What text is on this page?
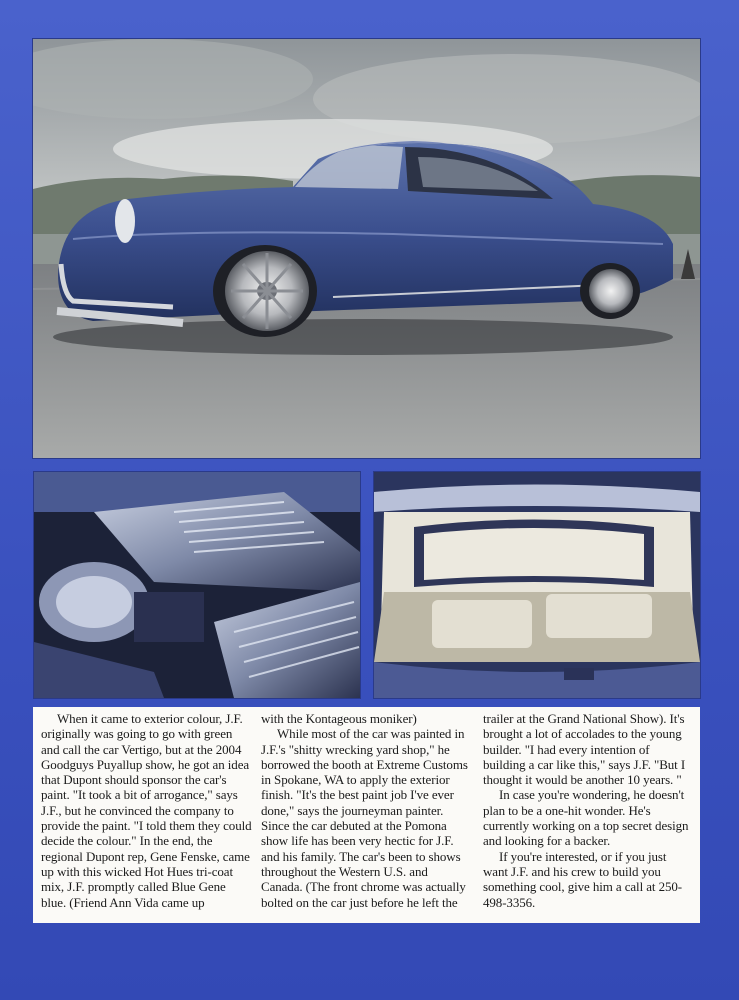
When it came to exterior colour, J.F. originally was going to go with green and call the car Vertigo, but at the 2004 Goodguys Puyallup show, he got an idea that Dupont should sponsor the car's paint. "It took a bit of arrogance," says J.F., but he convinced the company to provide the paint. "I told them they could decide the colour." In the end, the regional Dupont rep, Gene Fenske, came up with this wicked Hot Hues tri-coat mix, J.F. promptly called Blue Gene blue. (Friend Ann Vida came up

with the Kontageous moniker)

While most of the car was painted in J.F.'s "shitty wrecking yard shop," he borrowed the booth at Extreme Customs in Spokane, WA to apply the exterior finish. "It's the best paint job I've ever done," says the journeyman painter. Since the car debuted at the Pomona show life has been very hectic for J.F. and his family. The car's been to shows throughout the Western U.S. and Canada. (The front chrome was actually bolted on the car just before he left the

trailer at the Grand National Show). It's brought a lot of accolades to the young builder. "I had every intention of building a car like this," says J.F. "But I thought it would be another 10 years. "

In case you're wondering, he doesn't plan to be a one-hit wonder. He's currently working on a top secret design and looking for a backer.

If you're interested, or if you just want J.F. and his crew to build you something cool, give him a call at 250-498-3356.
